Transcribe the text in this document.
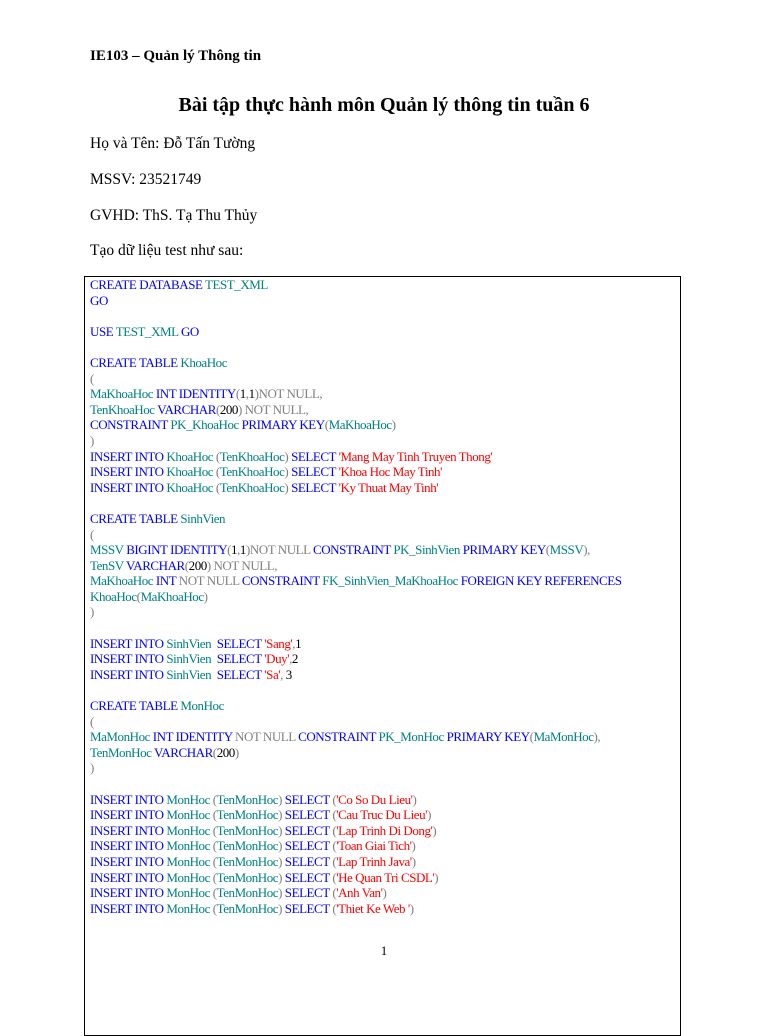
IE103 – Quản lý Thông tin
Bài tập thực hành môn Quản lý thông tin tuần 6
Họ và Tên: Đỗ Tấn Tường
MSSV: 23521749
GVHD: ThS. Tạ Thu Thủy
Tạo dữ liệu test như sau:
CREATE DATABASE TEST_XML
GO

USE TEST_XML GO

CREATE TABLE KhoaHoc
(
MaKhoaHoc INT IDENTITY(1,1)NOT NULL,
TenKhoaHoc VARCHAR(200) NOT NULL,
CONSTRAINT PK_KhoaHoc PRIMARY KEY(MaKhoaHoc)
)
INSERT INTO KhoaHoc (TenKhoaHoc) SELECT 'Mang May Tinh Truyen Thong'
INSERT INTO KhoaHoc (TenKhoaHoc) SELECT 'Khoa Hoc May Tinh'
INSERT INTO KhoaHoc (TenKhoaHoc) SELECT 'Ky Thuat May Tinh'

CREATE TABLE SinhVien
(
MSSV BIGINT IDENTITY(1,1)NOT NULL CONSTRAINT PK_SinhVien PRIMARY KEY(MSSV),
TenSV VARCHAR(200) NOT NULL,
MaKhoaHoc INT NOT NULL CONSTRAINT FK_SinhVien_MaKhoaHoc FOREIGN KEY REFERENCES
KhoaHoc(MaKhoaHoc)
)

INSERT INTO SinhVien  SELECT 'Sang',1
INSERT INTO SinhVien  SELECT 'Duy',2
INSERT INTO SinhVien  SELECT 'Sa', 3

CREATE TABLE MonHoc
(
MaMonHoc INT IDENTITY NOT NULL CONSTRAINT PK_MonHoc PRIMARY KEY(MaMonHoc),
TenMonHoc VARCHAR(200)
)

INSERT INTO MonHoc (TenMonHoc) SELECT ('Co So Du Lieu')
INSERT INTO MonHoc (TenMonHoc) SELECT ('Cau Truc Du Lieu')
INSERT INTO MonHoc (TenMonHoc) SELECT ('Lap Trinh Di Dong')
INSERT INTO MonHoc (TenMonHoc) SELECT ('Toan Giai Tich')
INSERT INTO MonHoc (TenMonHoc) SELECT ('Lap Trinh Java')
INSERT INTO MonHoc (TenMonHoc) SELECT ('He Quan Tri CSDL')
INSERT INTO MonHoc (TenMonHoc) SELECT ('Anh Van')
INSERT INTO MonHoc (TenMonHoc) SELECT ('Thiet Ke Web ')
1
